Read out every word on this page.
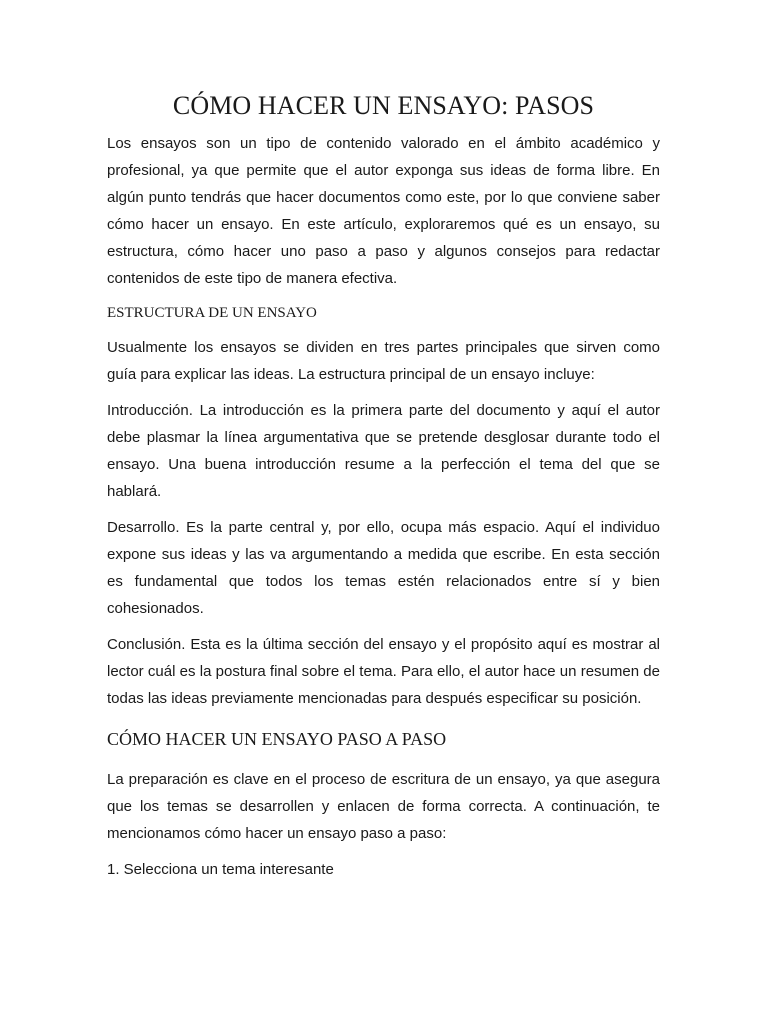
CÓMO HACER UN ENSAYO: PASOS

Los ensayos son un tipo de contenido valorado en el ámbito académico y profesional, ya que permite que el autor exponga sus ideas de forma libre. En algún punto tendrás que hacer documentos como este, por lo que conviene saber cómo hacer un ensayo. En este artículo, exploraremos qué es un ensayo, su estructura, cómo hacer uno paso a paso y algunos consejos para redactar contenidos de este tipo de manera efectiva.

ESTRUCTURA DE UN ENSAYO

Usualmente los ensayos se dividen en tres partes principales que sirven como guía para explicar las ideas. La estructura principal de un ensayo incluye:

Introducción. La introducción es la primera parte del documento y aquí el autor debe plasmar la línea argumentativa que se pretende desglosar durante todo el ensayo. Una buena introducción resume a la perfección el tema del que se hablará.

Desarrollo. Es la parte central y, por ello, ocupa más espacio. Aquí el individuo expone sus ideas y las va argumentando a medida que escribe. En esta sección es fundamental que todos los temas estén relacionados entre sí y bien cohesionados.

Conclusión. Esta es la última sección del ensayo y el propósito aquí es mostrar al lector cuál es la postura final sobre el tema. Para ello, el autor hace un resumen de todas las ideas previamente mencionadas para después especificar su posición.

CÓMO HACER UN ENSAYO PASO A PASO

La preparación es clave en el proceso de escritura de un ensayo, ya que asegura que los temas se desarrollen y enlacen de forma correcta. A continuación, te mencionamos cómo hacer un ensayo paso a paso:

1. Selecciona un tema interesante
